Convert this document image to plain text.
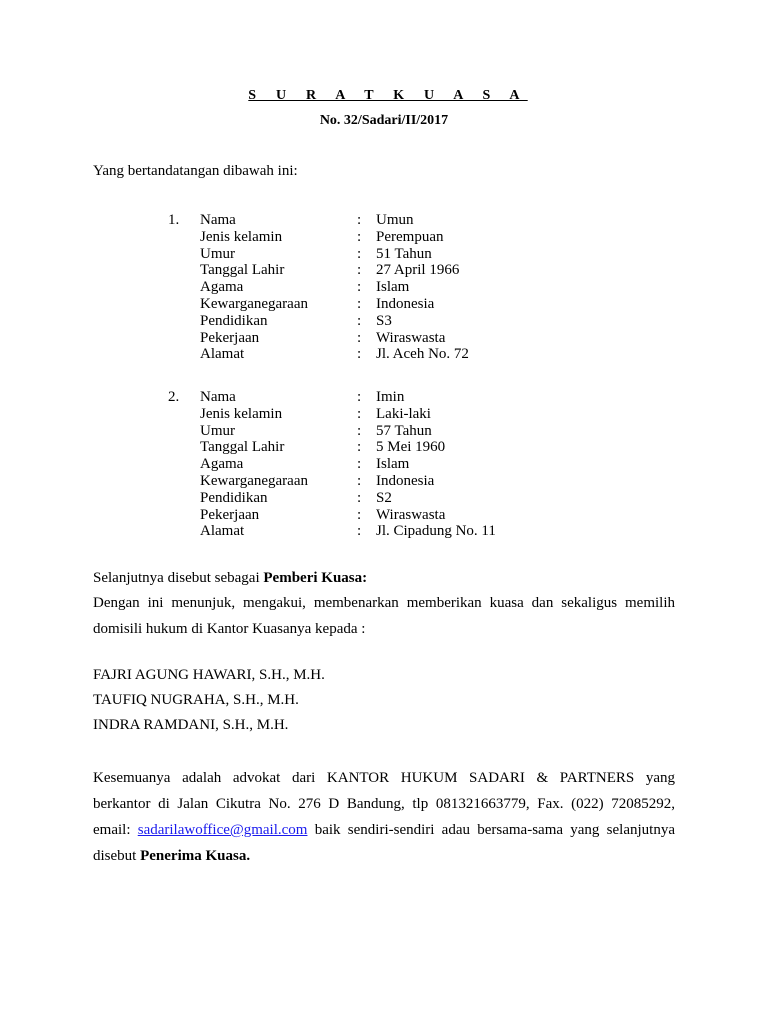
S U R A T K U A S A
No. 32/Sadari/II/2017
Yang bertandatangan dibawah ini:
1. Nama	: Umun
Jenis kelamin	: Perempuan
Umur	: 51 Tahun
Tanggal Lahir	: 27 April 1966
Agama	: Islam
Kewarganegaraan	: Indonesia
Pendidikan	: S3
Pekerjaan	: Wiraswasta
Alamat	: Jl. Aceh No. 72
2. Nama	: Imin
Jenis kelamin	: Laki-laki
Umur	: 57 Tahun
Tanggal Lahir	: 5 Mei 1960
Agama	: Islam
Kewarganegaraan	: Indonesia
Pendidikan	: S2
Pekerjaan	: Wiraswasta
Alamat	: Jl. Cipadung No. 11
Selanjutnya disebut sebagai Pemberi Kuasa:
Dengan ini menunjuk, mengakui, membenarkan memberikan kuasa dan sekaligus memilih
domisili hukum di Kantor Kuasanya kepada :
FAJRI AGUNG HAWARI, S.H., M.H.
TAUFIQ NUGRAHA, S.H., M.H.
INDRA RAMDANI, S.H., M.H.
Kesemuanya adalah advokat dari KANTOR HUKUM SADARI & PARTNERS yang
berkantor di Jalan Cikutra No. 276 D Bandung, tlp 081321663779, Fax. (022) 72085292,
email: sadarilawoffice@gmail.com baik sendiri-sendiri adau bersama-sama yang selanjutnya
disebut Penerima Kuasa.
